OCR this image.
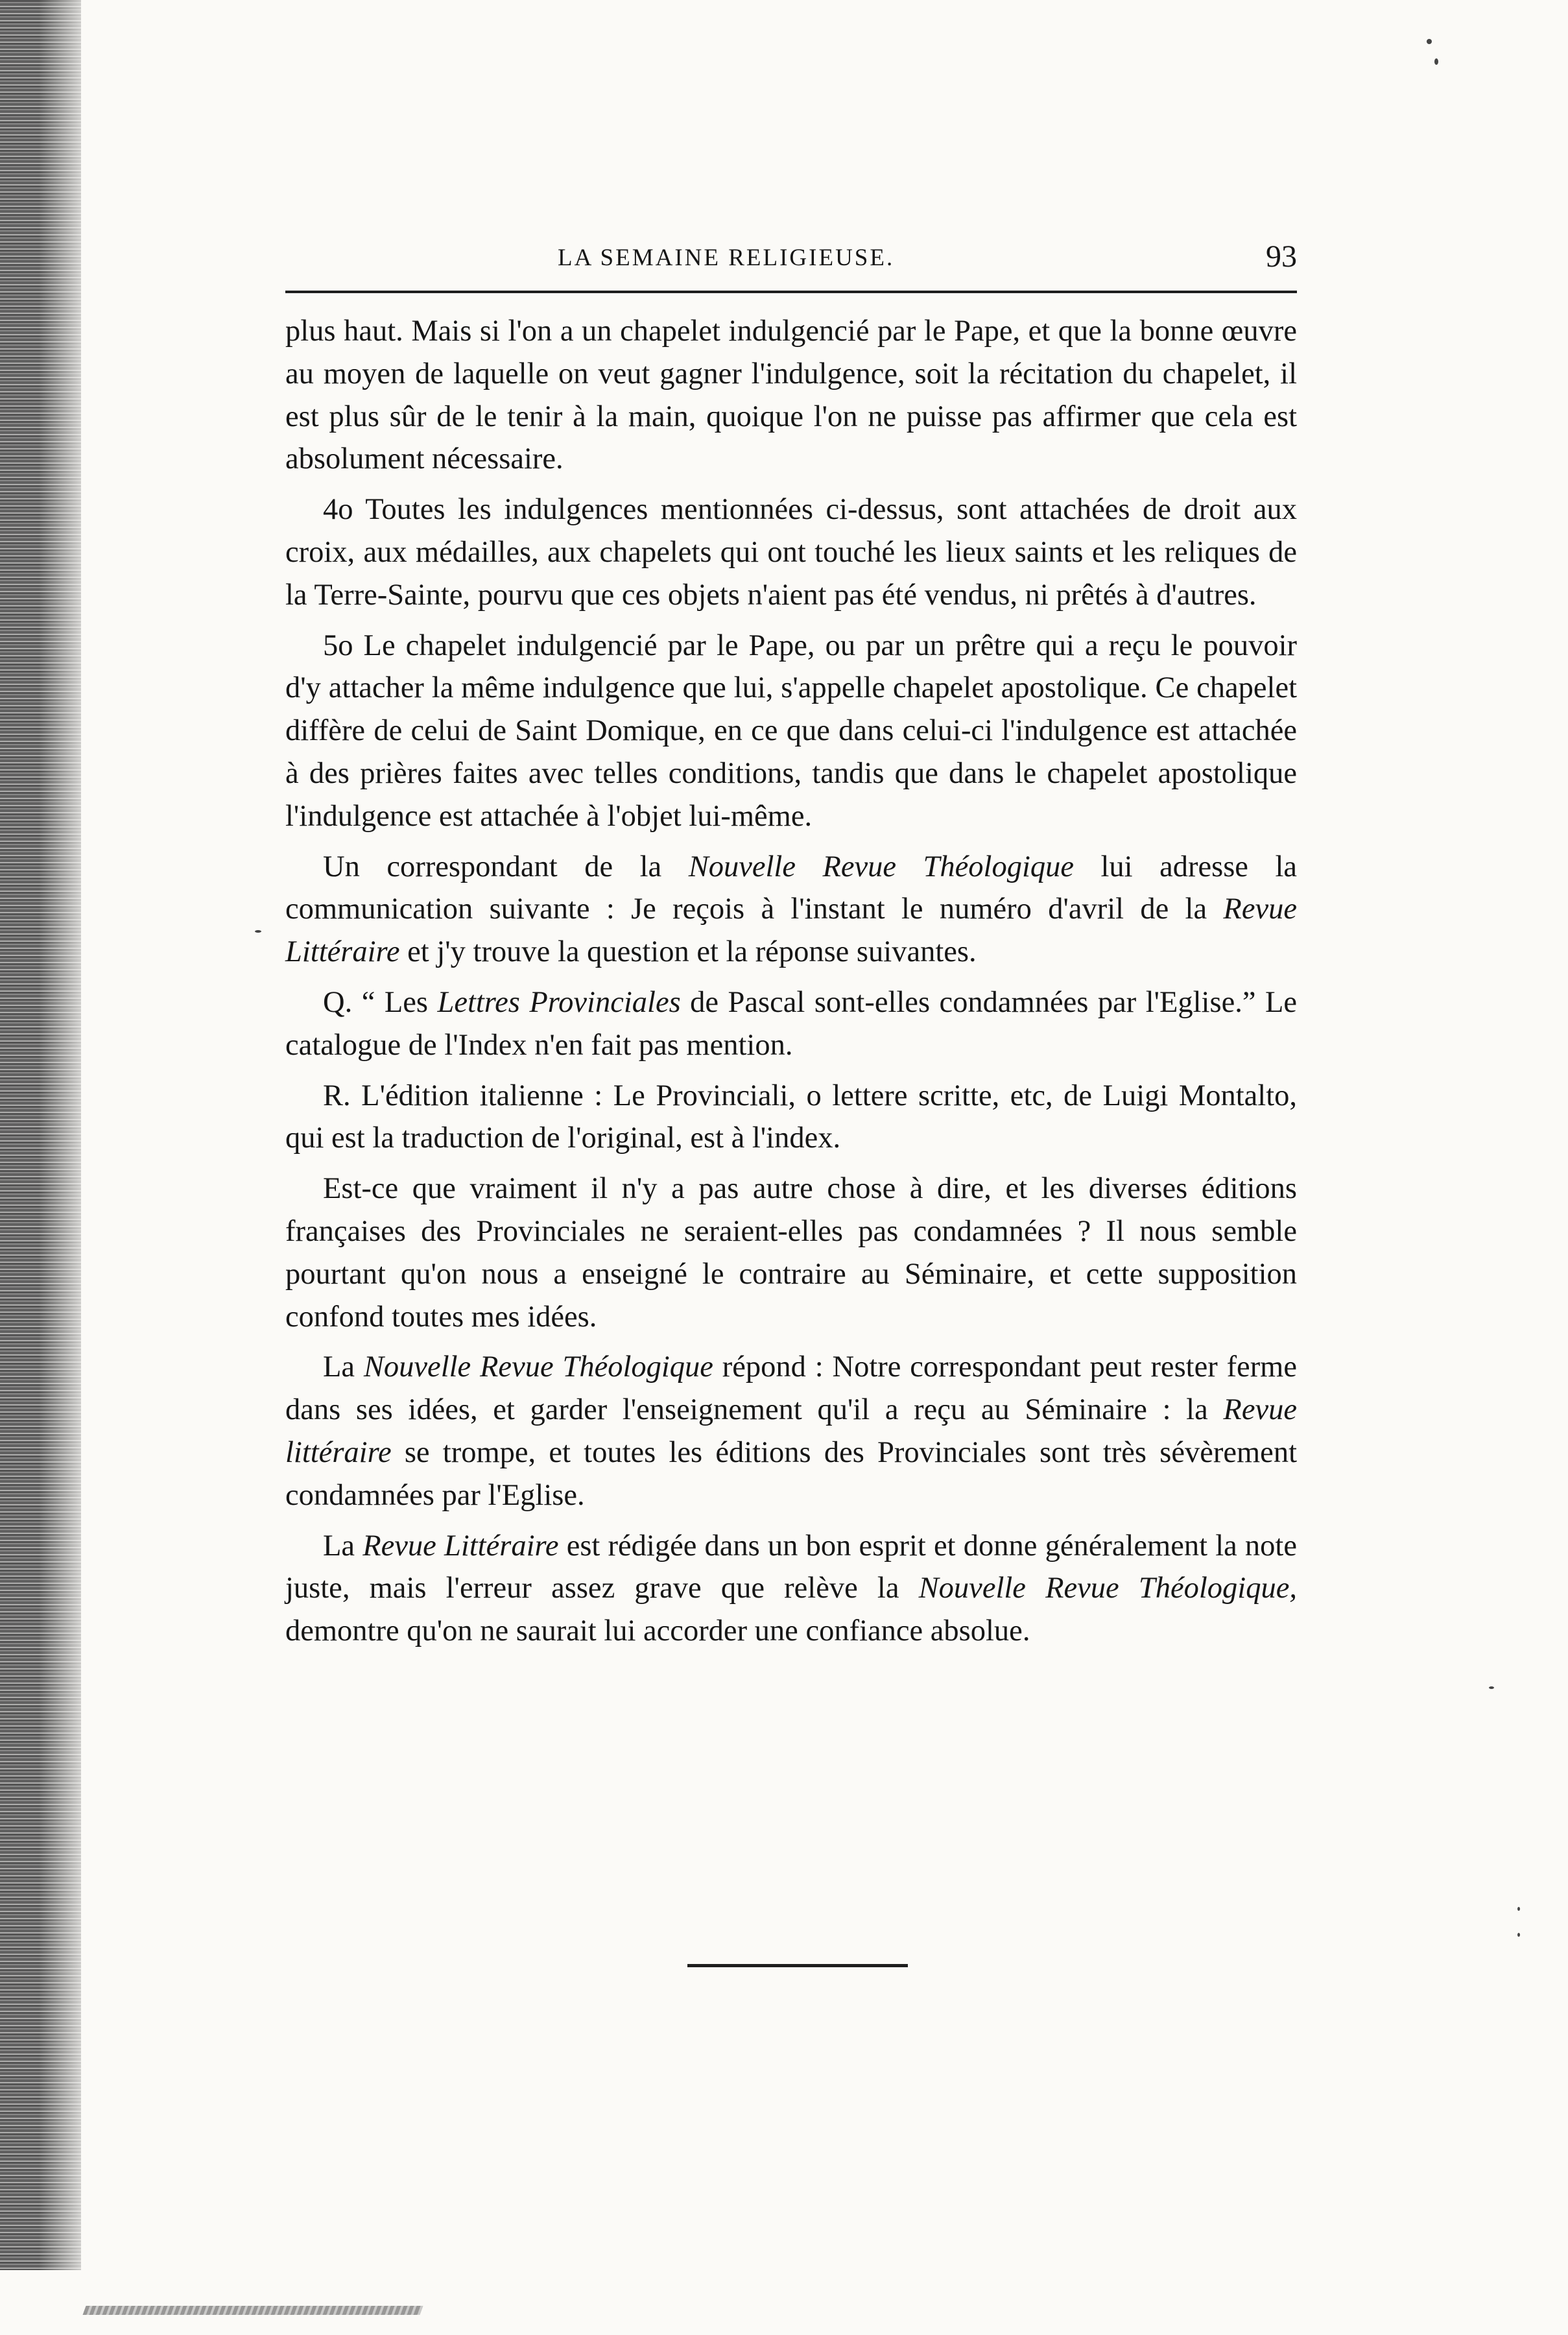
LA SEMAINE RELIGIEUSE.	93

plus haut. Mais si l'on a un chapelet indulgencié par le Pape, et que la bonne œuvre au moyen de laquelle on veut gagner l'indulgence, soit la récitation du chapelet, il est plus sûr de le tenir à la main, quoique l'on ne puisse pas affirmer que cela est absolument nécessaire.

4o Toutes les indulgences mentionnées ci-dessus, sont attachées de droit aux croix, aux médailles, aux chapelets qui ont touché les lieux saints et les reliques de la Terre-Sainte, pourvu que ces objets n'aient pas été vendus, ni prêtés à d'autres.

5o Le chapelet indulgencié par le Pape, ou par un prêtre qui a reçu le pouvoir d'y attacher la même indulgence que lui, s'appelle chapelet apostolique. Ce chapelet diffère de celui de Saint Domique, en ce que dans celui-ci l'indulgence est attachée à des prières faites avec telles conditions, tandis que dans le chapelet apostolique l'indulgence est attachée à l'objet lui-même.

Un correspondant de la Nouvelle Revue Théologique lui adresse la communication suivante : Je reçois à l'instant le numéro d'avril de la Revue Littéraire et j'y trouve la question et la réponse suivantes.

Q. “ Les Lettres Provinciales de Pascal sont-elles condamnées par l'Eglise.” Le catalogue de l'Index n'en fait pas mention.

R. L'édition italienne : Le Provinciali, o lettere scritte, etc, de Luigi Montalto, qui est la traduction de l'original, est à l'index.

Est-ce que vraiment il n'y a pas autre chose à dire, et les diverses éditions françaises des Provinciales ne seraient-elles pas condamnées ? Il nous semble pourtant qu'on nous a enseigné le contraire au Séminaire, et cette supposition confond toutes mes idées.

La Nouvelle Revue Théologique répond : Notre correspondant peut rester ferme dans ses idées, et garder l'enseignement qu'il a reçu au Séminaire : la Revue littéraire se trompe, et toutes les éditions des Provinciales sont très sévèrement condamnées par l'Eglise.

La Revue Littéraire est rédigée dans un bon esprit et donne généralement la note juste, mais l'erreur assez grave que relève la Nouvelle Revue Théologique, demontre qu'on ne saurait lui accorder une confiance absolue.
